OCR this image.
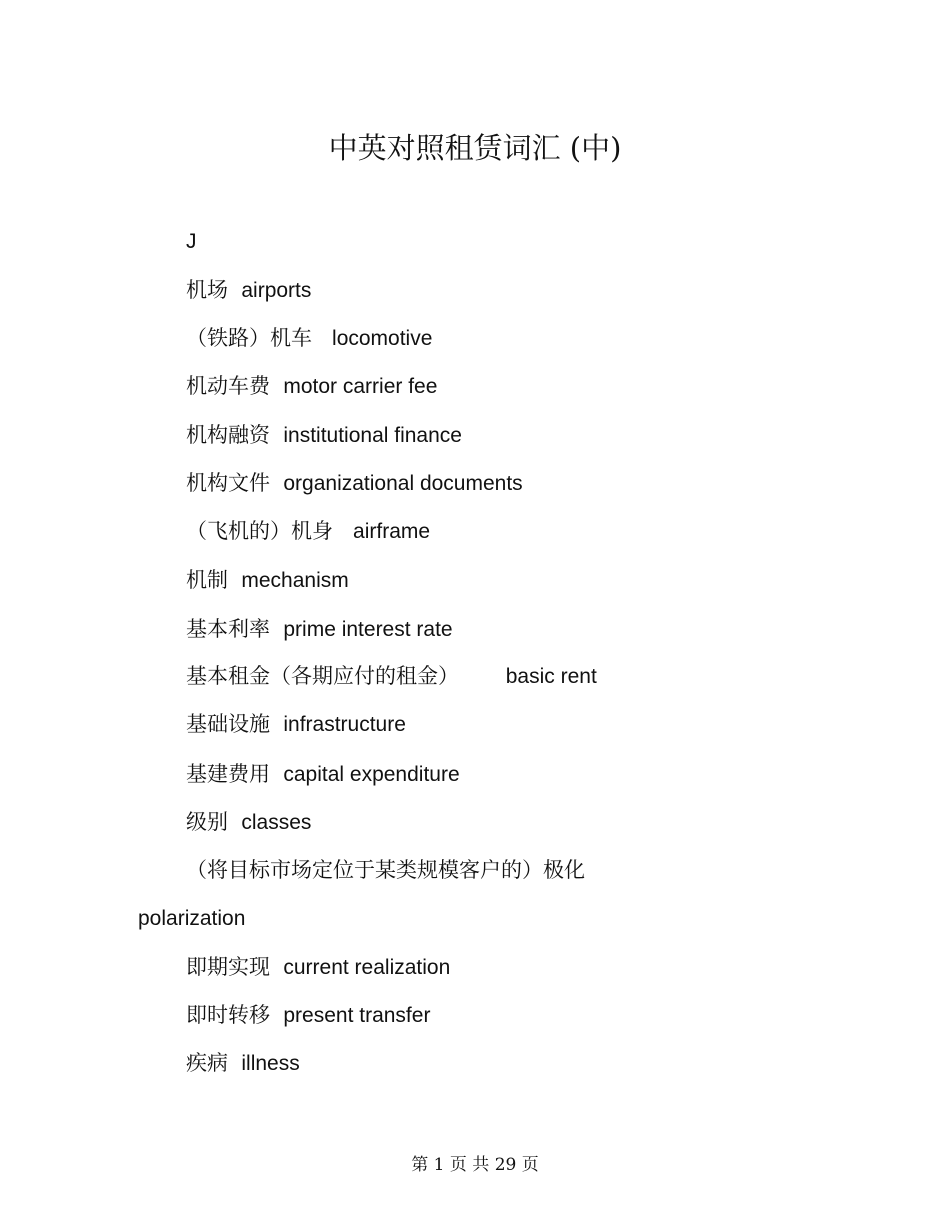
中英对照租赁词汇 (中)
J
机场 airports
（铁路）机车 locomotive
机动车费 motor carrier fee
机构融资 institutional finance
机构文件 organizational documents
（飞机的）机身 airframe
机制 mechanism
基本利率 prime interest rate
基本租金（各期应付的租金） basic rent
基础设施 infrastructure
基建费用 capital expenditure
级别 classes
（将目标市场定位于某类规模客户的）极化
polarization
即期实现 current realization
即时转移 present transfer
疾病 illness
第 1 页 共 29 页
